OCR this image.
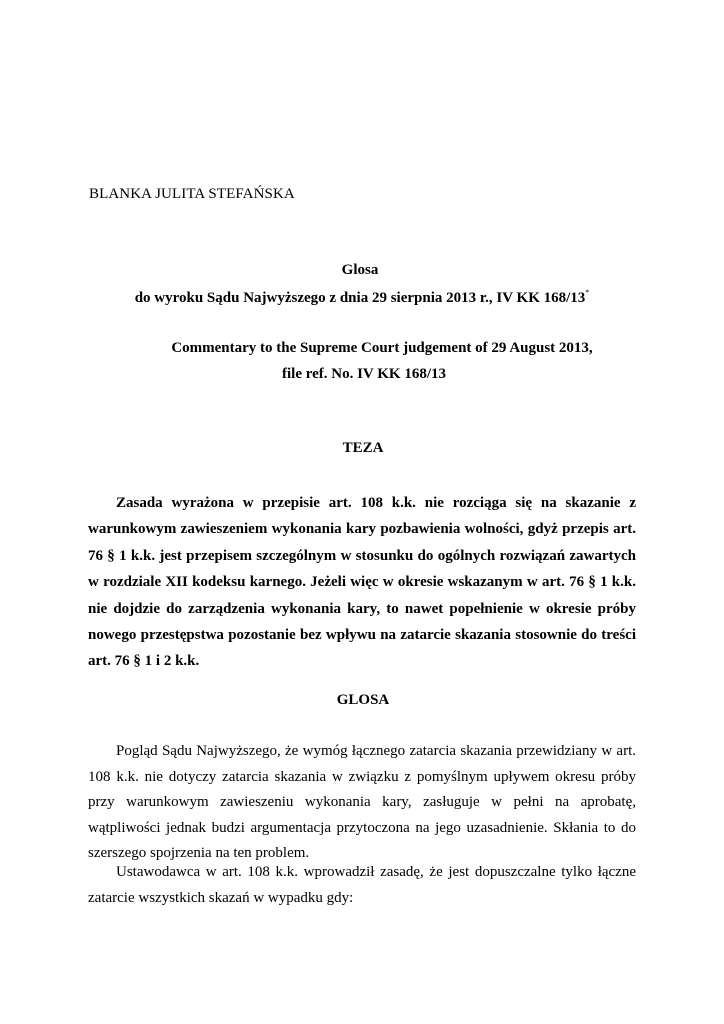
BLANKA JULITA STEFAŃSKA
Glosa
do wyroku Sądu Najwyższego z dnia 29 sierpnia 2013 r., IV KK 168/13*
Commentary to the Supreme Court judgement of 29 August 2013,
file ref. No. IV KK 168/13
TEZA

Zasada wyrażona w przepisie art. 108 k.k. nie rozciąga się na skazanie z warunkowym zawieszeniem wykonania kary pozbawienia wolności, gdyż przepis art. 76 § 1 k.k. jest przepisem szczególnym w stosunku do ogólnych rozwiązań zawartych w rozdziale XII kodeksu karnego. Jeżeli więc w okresie wskazanym w art. 76 § 1 k.k. nie dojdzie do zarządzenia wykonania kary, to nawet popełnienie w okresie próby nowego przestępstwa pozostanie bez wpływu na zatarcie skazania stosownie do treści art. 76 § 1 i 2 k.k.

GLOSA

Pogląd Sądu Najwyższego, że wymóg łącznego zatarcia skazania przewidziany w art. 108 k.k. nie dotyczy zatarcia skazania w związku z pomyślnym upływem okresu próby przy warunkowym zawieszeniu wykonania kary, zasługuje w pełni na aprobatę, wątpliwości jednak budzi argumentacja przytoczona na jego uzasadnienie. Skłania to do szerszego spojrzenia na ten problem.

Ustawodawca w art. 108 k.k. wprowadził zasadę, że jest dopuszczalne tylko łączne zatarcie wszystkich skazań w wypadku gdy:
